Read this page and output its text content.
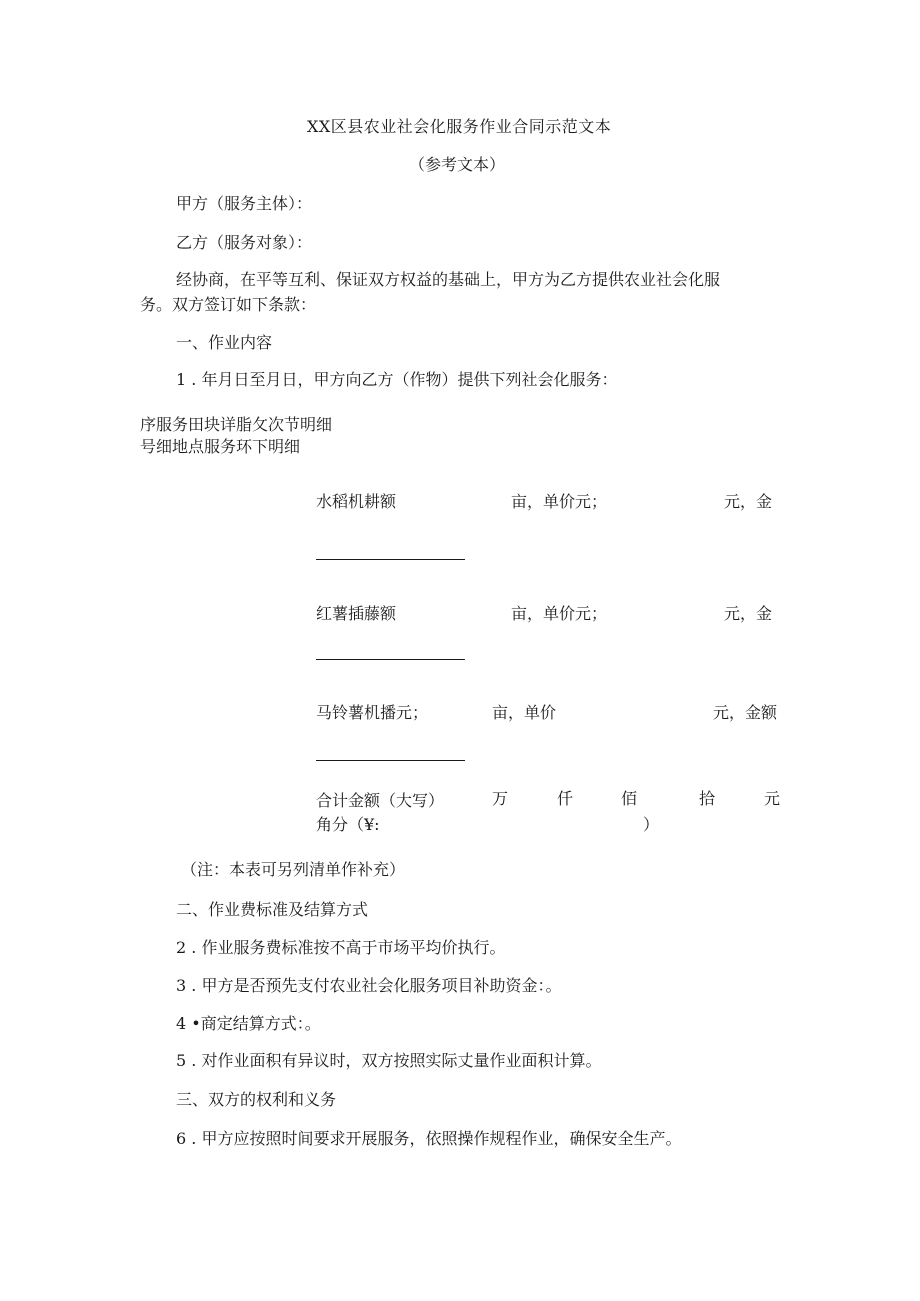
XX区县农业社会化服务作业合同示范文本
（参考文本）
甲方（服务主体）：
乙方（服务对象）：
经协商，在平等互利、保证双方权益的基础上，甲方为乙方提供农业社会化服
务。双方签订如下条款：
一、作业内容
1 . 年月日至月日，甲方向乙方（作物）提供下列社会化服务：
序服务田块详脂攵次节明细
号细地点服务环下明细
水稻机耕额	亩，单价元；	元，金
红薯插藤额	亩，单价元；	元，金
马铃薯机播元；	亩，单价	元，金额
合计金额（大写）	万	仟	佰	拾	元
角分（¥:	）
（注：本表可另列清单作补充）
二、作业费标准及结算方式
2 . 作业服务费标准按不高于市场平均价执行。
3 . 甲方是否预先支付农业社会化服务项目补助资金：。
4 •商定结算方式：。
5 . 对作业面积有异议时，双方按照实际丈量作业面积计算。
三、双方的权利和义务
6 . 甲方应按照时间要求开展服务，依照操作规程作业，确保安全生产。
